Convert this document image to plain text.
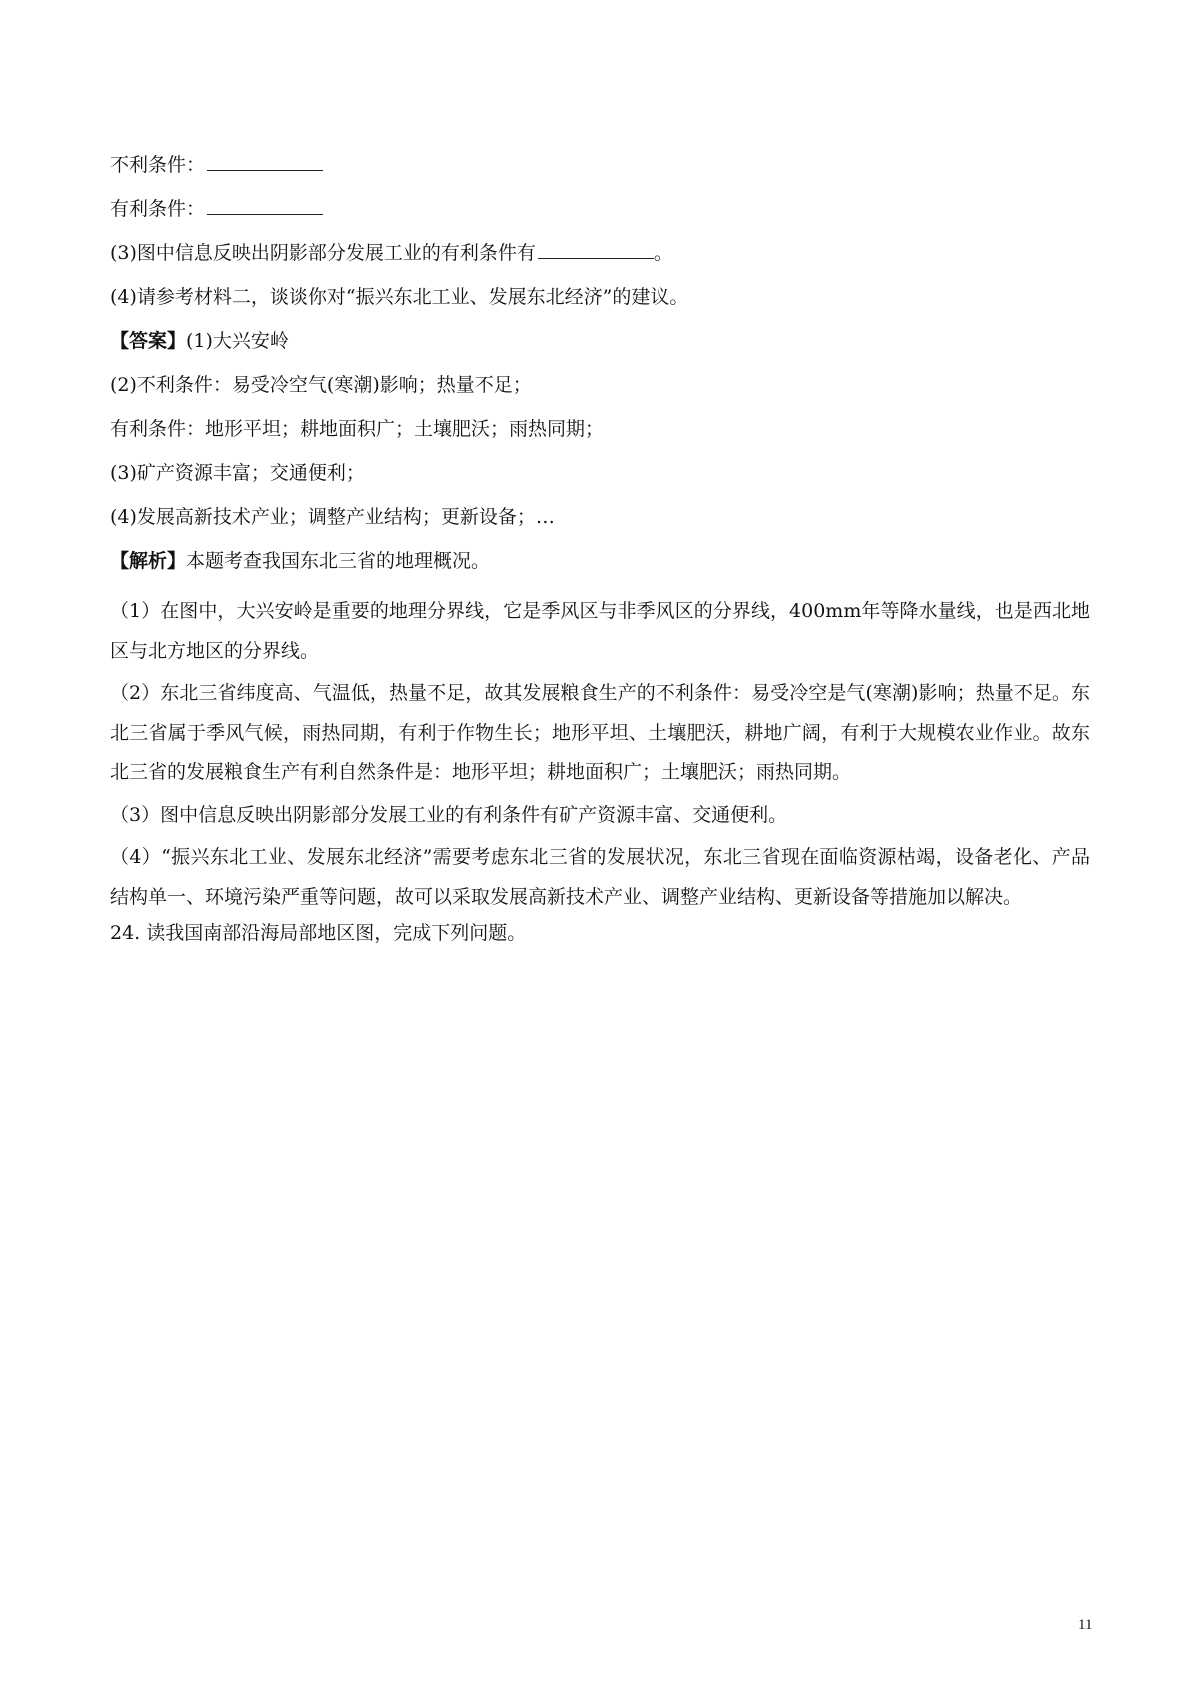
不利条件：
有利条件：
(3)图中信息反映出阴影部分发展工业的有利条件有	。
(4)请参考材料二，谈谈你对“振兴东北工业、发展东北经济”的建议。
【答案】(1)大兴安岭
(2)不利条件：易受冷空气(寒潮)影响；热量不足；
有利条件：地形平坦；耕地面积广；土壤肥沃；雨热同期；
(3)矿产资源丰富；交通便利；
(4)发展高新技术产业；调整产业结构；更新设备；…
【解析】本题考查我国东北三省的地理概况。
（1）在图中，大兴安岭是重要的地理分界线，它是季风区与非季风区的分界线，400mm年等降水量线，也是西北地区与北方地区的分界线。
（2）东北三省纬度高、气温低，热量不足，故其发展粮食生产的不利条件：易受冷空是气(寒潮)影响；热量不足。东北三省属于季风气候，雨热同期，有利于作物生长；地形平坦、土壤肥沃，耕地广阔，有利于大规模农业作业。故东北三省的发展粮食生产有利自然条件是：地形平坦；耕地面积广；土壤肥沃；雨热同期。
（3）图中信息反映出阴影部分发展工业的有利条件有矿产资源丰富、交通便利。
（4）“振兴东北工业、发展东北经济”需要考虑东北三省的发展状况，东北三省现在面临资源枯竭，设备老化、产品结构单一、环境污染严重等问题，故可以采取发展高新技术产业、调整产业结构、更新设备等措施加以解决。
24. 读我国南部沿海局部地区图，完成下列问题。
11
